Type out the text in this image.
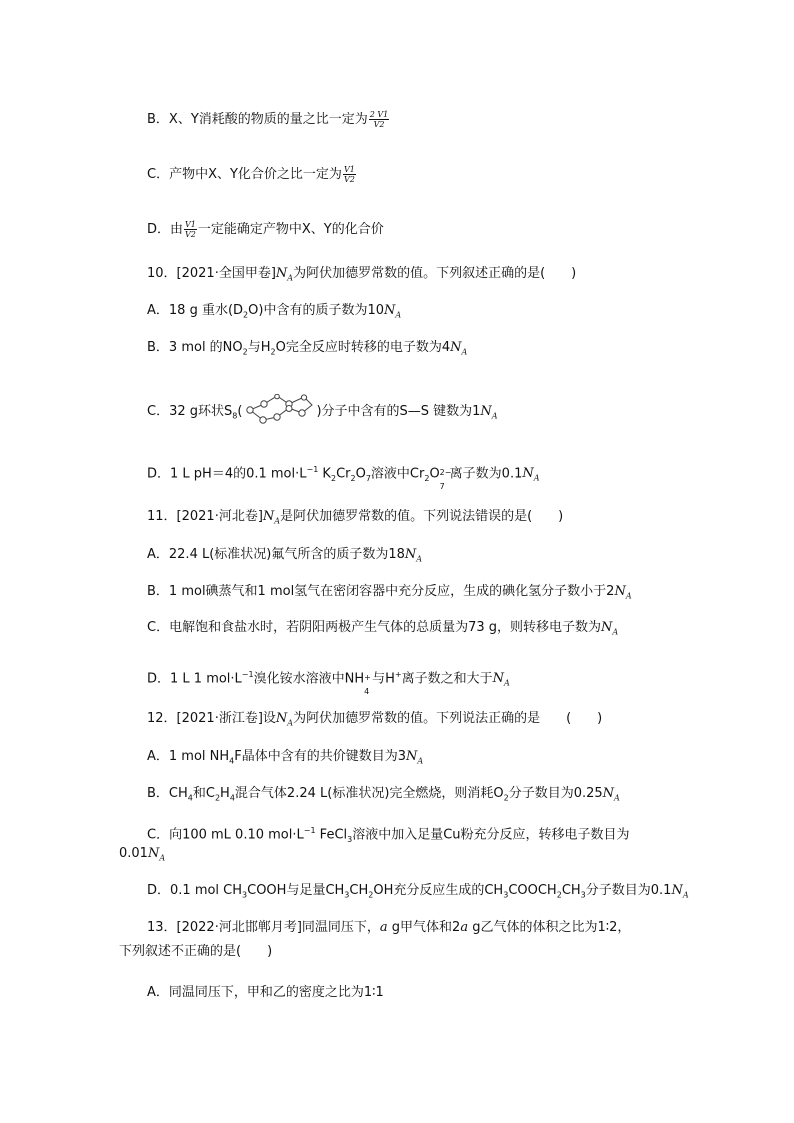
B．X、Y消耗酸的物质的量之比一定为 $\frac{2 V1}{V2}$
C．产物中X、Y化合价之比一定为 $\frac{V1}{V2}$
D．由 $\frac{V1}{V2}$ 一定能确定产物中X、Y的化合价
10．[2021·全国甲卷]$N_A$为阿伏加德罗常数的值。下列叙述正确的是(　　)
A．18 g 重水$(D_2O)$中含有的质子数为$10N_A$
B．3 mol 的$NO_2$与$H_2O$完全反应时转移的电子数为$4N_A$
C．32 g环状$S_8$(	)分子中含有的S—S 键数为$1N_A$
D．1 L pH＝4的0.1 $mol\cdot L^{-1}$ $K_2Cr_2O_7$溶液中$Cr_2O$ 2−
7
离子数为$0.1N_A$
11．[2021·河北卷]$N_A$是阿伏加德罗常数的值。下列说法错误的是(　　)
A．22.4 L(标准状况)氟气所含的质子数为$18N_A$
B．1 mol碘蒸气和1 mol氢气在密闭容器中充分反应，生成的碘化氢分子数小于$2N_A$
C．电解饱和食盐水时，若阴阳两极产生气体的总质量为73 g，则转移电子数为$N_A$
D．1 L 1 $mol\cdot L^{-1}$溴化铵水溶液中NH +
4
与H+离子数之和大于$N_A$
12．[2021·浙江卷]设$N_A$为阿伏加德罗常数的值。下列说法正确的是　　(　　)
A．1 mol $NH_4F$晶体中含有的共价键数目为$3N_A$
B．$CH_4$和$C_2H_4$混合气体2.24 L(标准状况)完全燃烧，则消耗$O_2$分子数目为$0.25N_A$
C．向100 mL 0.10 $mol\cdot L^{-1}$ FeCl$_3$溶液中加入足量Cu粉充分反应，转移电子数目为
$0.01N_A$
D．0.1 mol $CH_3COOH$与足量$CH_3CH_2OH$充分反应生成的$CH_3COOCH_2CH_3$分子数目为$0.1N_A$
13．[2022·河北邯郸月考]同温同压下，a g甲气体和2a g乙气体的体积之比为1∶2，
下列叙述不正确的是(　　)
A．同温同压下，甲和乙的密度之比为1∶1
